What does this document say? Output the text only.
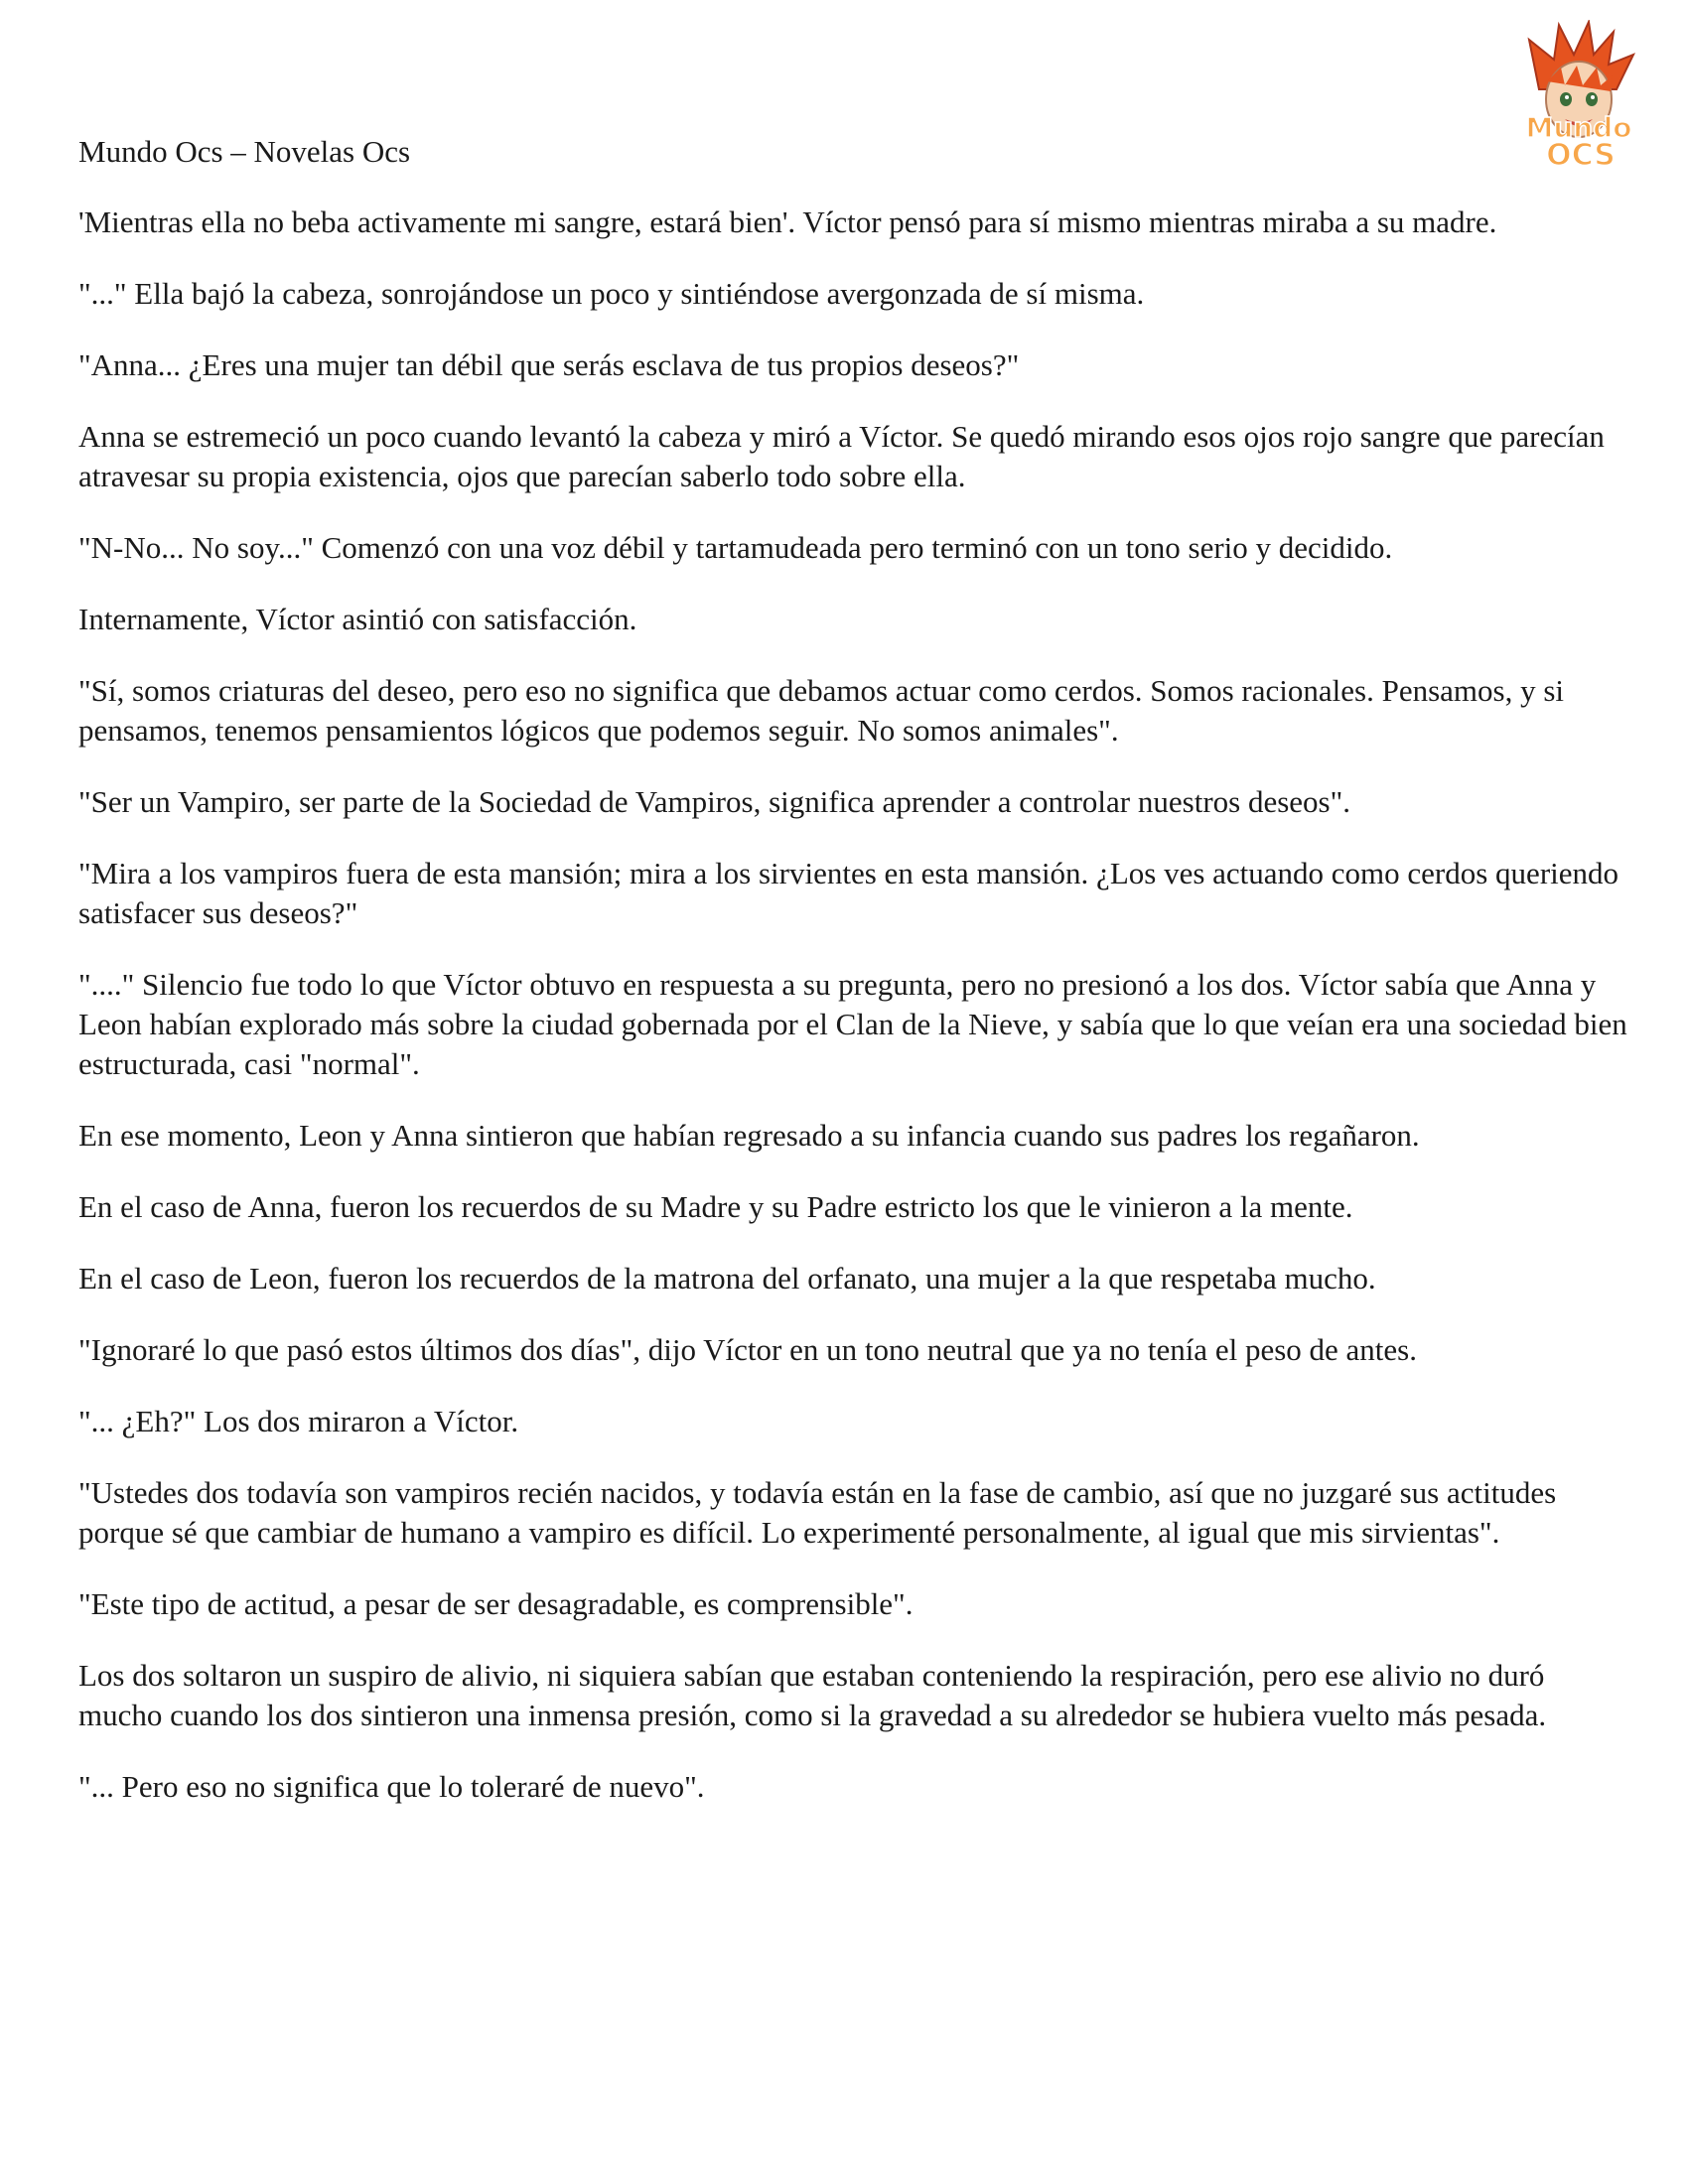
Mundo Ocs – Novelas Ocs
Mundo
OCS

'Mientras ella no beba activamente mi sangre, estará bien'. Víctor pensó para sí mismo mientras miraba a su madre.

"..." Ella bajó la cabeza, sonrojándose un poco y sintiéndose avergonzada de sí misma.

"Anna... ¿Eres una mujer tan débil que serás esclava de tus propios deseos?"

Anna se estremeció un poco cuando levantó la cabeza y miró a Víctor. Se quedó mirando esos ojos rojo sangre que parecían atravesar su propia existencia, ojos que parecían saberlo todo sobre ella.

"N-No... No soy..." Comenzó con una voz débil y tartamudeada pero terminó con un tono serio y decidido.

Internamente, Víctor asintió con satisfacción.

"Sí, somos criaturas del deseo, pero eso no significa que debamos actuar como cerdos. Somos racionales. Pensamos, y si pensamos, tenemos pensamientos lógicos que podemos seguir. No somos animales".

"Ser un Vampiro, ser parte de la Sociedad de Vampiros, significa aprender a controlar nuestros deseos".

"Mira a los vampiros fuera de esta mansión; mira a los sirvientes en esta mansión. ¿Los ves actuando como cerdos queriendo satisfacer sus deseos?"

"...." Silencio fue todo lo que Víctor obtuvo en respuesta a su pregunta, pero no presionó a los dos. Víctor sabía que Anna y Leon habían explorado más sobre la ciudad gobernada por el Clan de la Nieve, y sabía que lo que veían era una sociedad bien estructurada, casi "normal".

En ese momento, Leon y Anna sintieron que habían regresado a su infancia cuando sus padres los regañaron.

En el caso de Anna, fueron los recuerdos de su Madre y su Padre estricto los que le vinieron a la mente.

En el caso de Leon, fueron los recuerdos de la matrona del orfanato, una mujer a la que respetaba mucho.

"Ignoraré lo que pasó estos últimos dos días", dijo Víctor en un tono neutral que ya no tenía el peso de antes.

"... ¿Eh?" Los dos miraron a Víctor.

"Ustedes dos todavía son vampiros recién nacidos, y todavía están en la fase de cambio, así que no juzgaré sus actitudes porque sé que cambiar de humano a vampiro es difícil. Lo experimenté personalmente, al igual que mis sirvientas".

"Este tipo de actitud, a pesar de ser desagradable, es comprensible".

Los dos soltaron un suspiro de alivio, ni siquiera sabían que estaban conteniendo la respiración, pero ese alivio no duró mucho cuando los dos sintieron una inmensa presión, como si la gravedad a su alrededor se hubiera vuelto más pesada.

"... Pero eso no significa que lo toleraré de nuevo".
